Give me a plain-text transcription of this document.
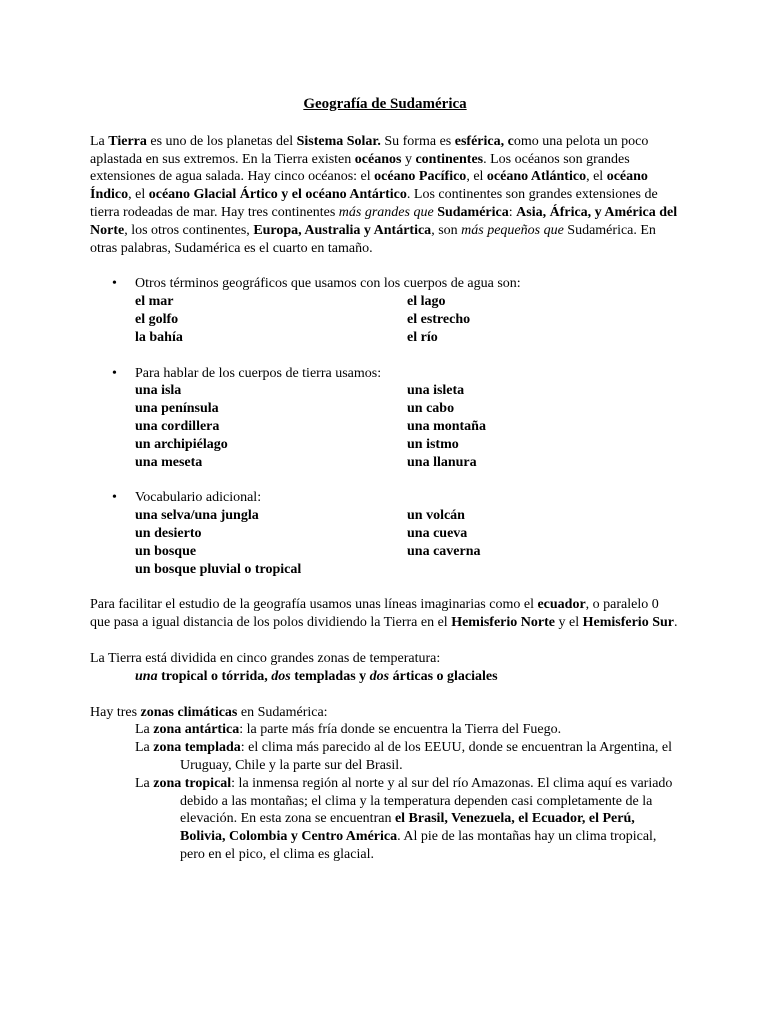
Geografía de Sudamérica

La Tierra es uno de los planetas del Sistema Solar. Su forma es esférica, como una pelota un poco aplastada en sus extremos. En la Tierra existen océanos y continentes. Los océanos son grandes extensiones de agua salada. Hay cinco océanos: el océano Pacífico, el océano Atlántico, el océano Índico, el océano Glacial Ártico y el océano Antártico. Los continentes son grandes extensiones de tierra rodeadas de mar. Hay tres continentes más grandes que Sudamérica: Asia, África, y América del Norte, los otros continentes, Europa, Australia y Antártica, son más pequeños que Sudamérica. En otras palabras, Sudamérica es el cuarto en tamaño.

• Otros términos geográficos que usamos con los cuerpos de agua son:
el mar	el lago
el golfo	el estrecho
la bahía	el río
• Para hablar de los cuerpos de tierra usamos:
una isla	una isleta
una península	un cabo
una cordillera	una montaña
un archipiélago	un istmo
una meseta	una llanura
• Vocabulario adicional:
una selva/una jungla	un volcán
un desierto	una cueva
un bosque	una caverna
un bosque pluvial o tropical

Para facilitar el estudio de la geografía usamos unas líneas imaginarias como el ecuador, o paralelo 0 que pasa a igual distancia de los polos dividiendo la Tierra en el Hemisferio Norte y el Hemisferio Sur.

La Tierra está dividida en cinco grandes zonas de temperatura:

una tropical o tórrida, dos templadas y dos árticas o glaciales

Hay tres zonas climáticas en Sudamérica:

La zona antártica: la parte más fría donde se encuentra la Tierra del Fuego.

La zona templada: el clima más parecido al de los EEUU, donde se encuentran la Argentina, el Uruguay, Chile y la parte sur del Brasil.

La zona tropical: la inmensa región al norte y al sur del río Amazonas. El clima aquí es variado debido a las montañas; el clima y la temperatura dependen casi completamente de la elevación. En esta zona se encuentran el Brasil, Venezuela, el Ecuador, el Perú, Bolivia, Colombia y Centro América. Al pie de las montañas hay un clima tropical, pero en el pico, el clima es glacial.
